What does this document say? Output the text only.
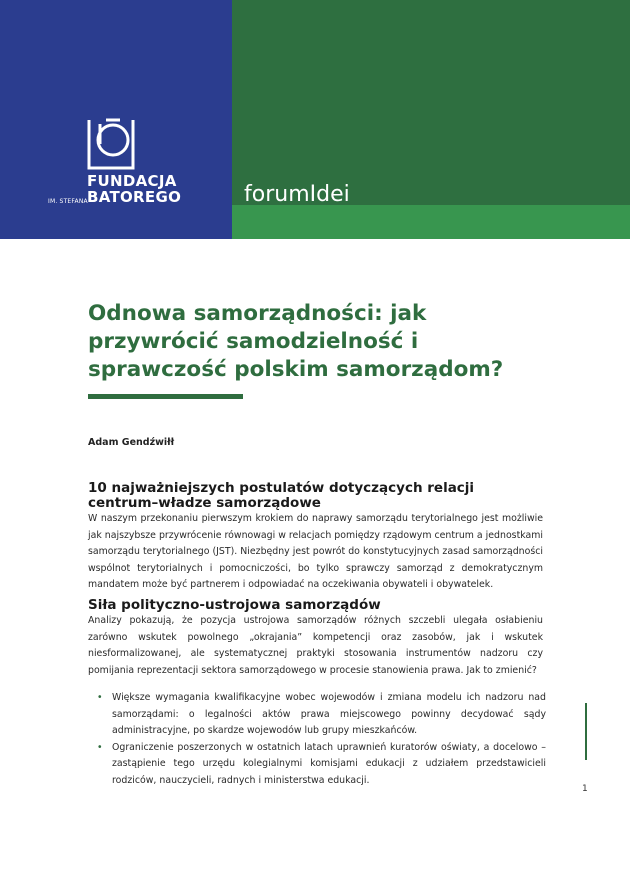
FUNDACJA
BATOREGO
IM. STEFANA	forumIdei
Odnowa samorządności: jak przywrócić samodzielność i sprawczość polskim samorządom?
Adam Gendźwiłł
10 najważniejszych postulatów dotyczących relacji centrum–władze samorządowe

W naszym przekonaniu pierwszym krokiem do naprawy samorządu terytorialnego jest możliwie jak najszybsze przywrócenie równowagi w relacjach pomiędzy rządowym centrum a jednostkami samorządu terytorialnego (JST). Niezbędny jest powrót do konstytucyjnych zasad samorządności wspólnot terytorialnych i pomocniczości, bo tylko sprawczy samorząd z demokratycznym mandatem może być partnerem i odpowiadać na oczekiwania obywateli i obywatelek.

Siła polityczno-ustrojowa samorządów

Analizy pokazują, że pozycja ustrojowa samorządów różnych szczebli ulegała osłabieniu zarówno wskutek powolnego „okrajania” kompetencji oraz zasobów, jak i wskutek niesformalizowanej, ale systematycznej praktyki stosowania instrumentów nadzoru czy pomijania reprezentacji sektora samorządowego w procesie stanowienia prawa. Jak to zmienić?

• Większe wymagania kwalifikacyjne wobec wojewodów i zmiana modelu ich nadzoru nad samorządami: o legalności aktów prawa miejscowego powinny decydować sądy administracyjne, po skardze wojewodów lub grupy mieszkańców.
• Ograniczenie poszerzonych w ostatnich latach uprawnień kuratorów oświaty, a docelowo – zastąpienie tego urzędu kolegialnymi komisjami edukacji z udziałem przedstawicieli rodziców, nauczycieli, radnych i ministerstwa edukacji.
1
